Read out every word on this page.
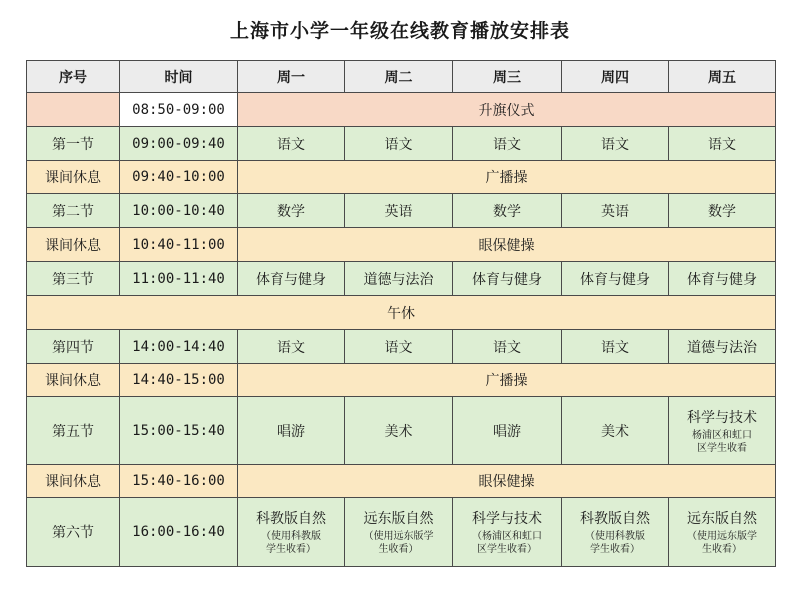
上海市小学一年级在线教育播放安排表
序号	时间	周一	周二	周三	周四	周五
	08:50-09:00	升旗仪式				
第一节	09:00-09:40	语文	语文	语文	语文	语文
课间休息	09:40-10:00	广播操				
第二节	10:00-10:40	数学	英语	数学	英语	数学
课间休息	10:40-11:00	眼保健操				
第三节	11:00-11:40	体育与健身	道德与法治	体育与健身	体育与健身	体育与健身
午休						
第四节	14:00-14:40	语文	语文	语文	语文	道德与法治
课间休息	14:40-15:00	广播操				
第五节	15:00-15:40	唱游	美术	唱游	美术	科学与技术
杨浦区和虹口
区学生收看

课间休息	15:40-16:00	眼保健操				
第六节	16:00-16:40	科教版自然
（使用科教版
学生收看）	远东版自然
（使用远东版学
生收看）	科学与技术
（杨浦区和虹口
区学生收看）	科教版自然
（使用科教版
学生收看）	远东版自然
（使用远东版学
生收看）
